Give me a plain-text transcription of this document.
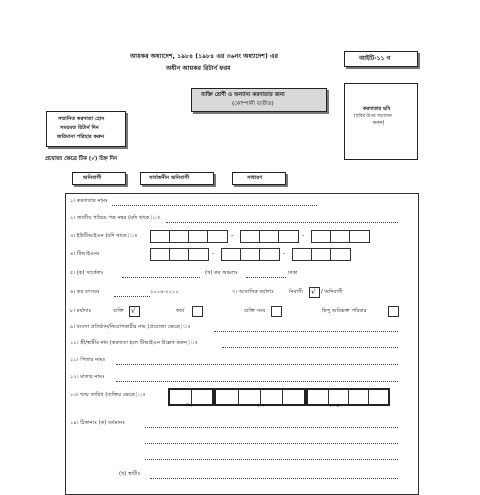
আয়কর অধ্যাদেশ, ১৯৮৪ (১৯৮৪ এর ৩৬নং অধ্যাদেশ) এর
অধীন আয়কর রিটার্ন ফরম
আইটি-১১ গ
করদাতার ছবি
[ছবির উপর সত্যায়ন
করুন]
ব্যক্তি শ্রেণী ও অন্যান্য করদাতার জন্য
(কোম্পানী ব্যতীত)
সম্মানিত করদাতা হোন
সময়মত রিটার্ন দিন
জরিমানা পরিহার করুন
প্রযোজ্য ক্ষেত্রে টিক (√) চিহ্ন দিন
অনিবাসী	সার্বজনীন অনিবাসী	সাধারণ
১। করদাতার নামঃ
২। জাতীয় পরিচয় পত্র নম্বর (যদি থাকে)ঃ
৩। ইউটিআইএন (যদি থাকে)ঃ	-	-
৪। টিআইএনঃ	-	-
৫। (ক) সার্কেলঃ	(খ) কর অঞ্চলঃ	ঢাকা
৬। কর বৎসরঃ	২০০৯-২০১০	৭। আবাসিক মর্যাদাঃ	নিবাসী √ / অনিবাসী
৮। মর্যাদাঃ	ব্যক্তি √	ফার্ম	ব্যক্তি সংঘ	হিন্দু অবিভক্ত পরিবার
৯। ব্যবসা প্রতিষ্ঠান/নিয়োগকারীর নাম (প্রযোজ্য ক্ষেত্রে)ঃ
১০। স্ত্রী/স্বামীর নাম (করদাতা হলে টিআইএন উল্লেখ করুন)ঃ
১১। পিতার নামঃ
১২। মাতার নামঃ
১৩। জন্ম তারিখ (ব্যক্তির ক্ষেত্রে)ঃ
দিন	মাস	বৎসর
১৪। ঠিকানাঃ (ক) বর্তমানঃ
(খ) স্থায়ীঃ
